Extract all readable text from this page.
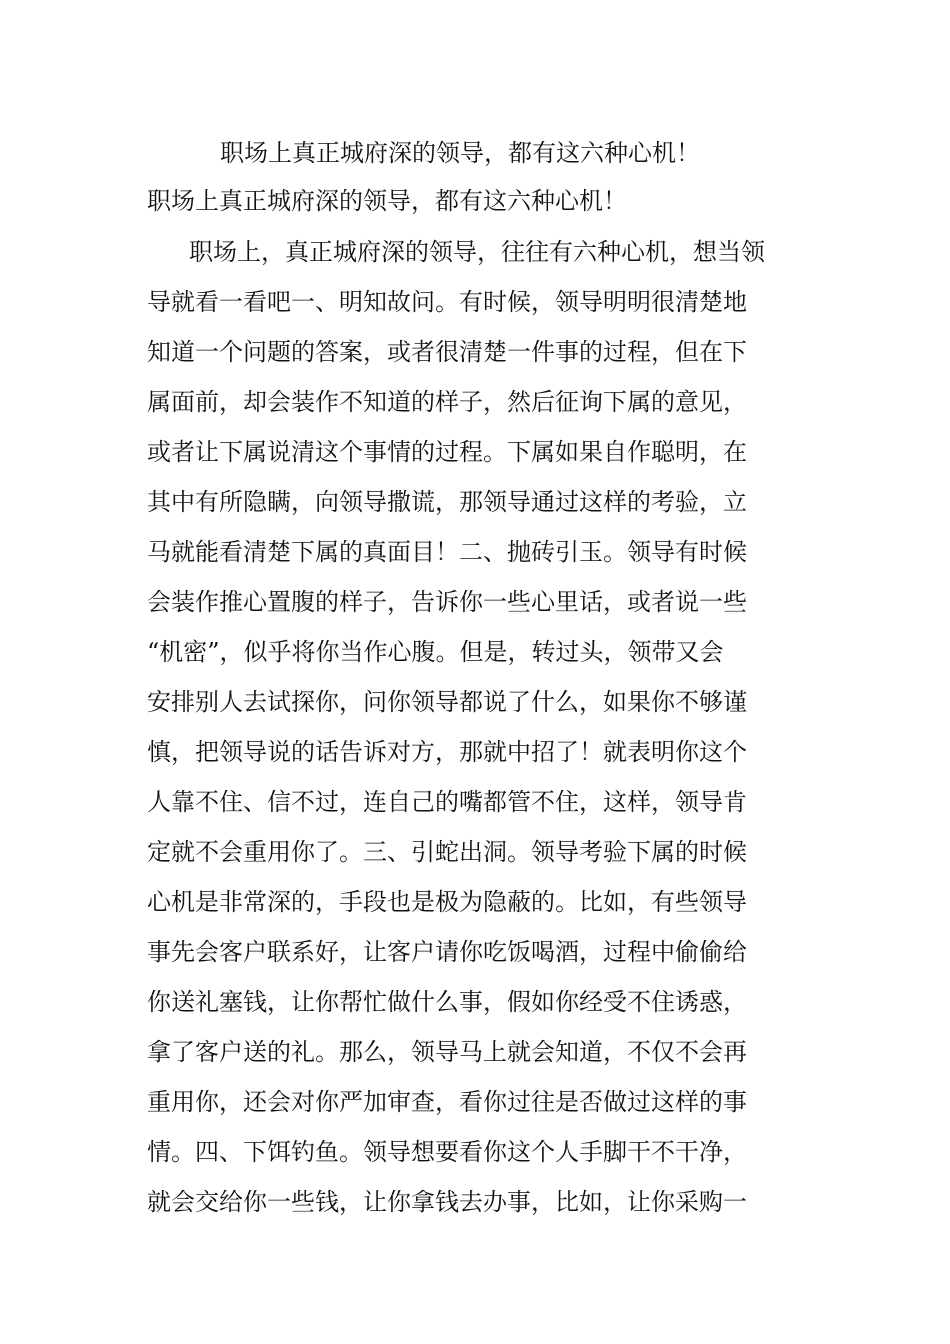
职场上真正城府深的领导，都有这六种心机！

职场上真正城府深的领导，都有这六种心机！

职场上，真正城府深的领导，往往有六种心机，想当领
导就看一看吧一、明知故问。有时候，领导明明很清楚地
知道一个问题的答案，或者很清楚一件事的过程，但在下
属面前，却会装作不知道的样子，然后征询下属的意见，
或者让下属说清这个事情的过程。下属如果自作聪明，在
其中有所隐瞒，向领导撒谎，那领导通过这样的考验，立
马就能看清楚下属的真面目！二、抛砖引玉。领导有时候
会装作推心置腹的样子，告诉你一些心里话，或者说一些
“机密”，似乎将你当作心腹。但是，转过头，领带又会
安排别人去试探你，问你领导都说了什么，如果你不够谨
慎，把领导说的话告诉对方，那就中招了！就表明你这个
人靠不住、信不过，连自己的嘴都管不住，这样，领导肯
定就不会重用你了。三、引蛇出洞。领导考验下属的时候
心机是非常深的，手段也是极为隐蔽的。比如，有些领导
事先会客户联系好，让客户请你吃饭喝酒，过程中偷偷给
你送礼塞钱，让你帮忙做什么事，假如你经受不住诱惑，
拿了客户送的礼。那么，领导马上就会知道，不仅不会再
重用你，还会对你严加审查，看你过往是否做过这样的事
情。四、下饵钓鱼。领导想要看你这个人手脚干不干净，
就会交给你一些钱，让你拿钱去办事，比如，让你采购一
